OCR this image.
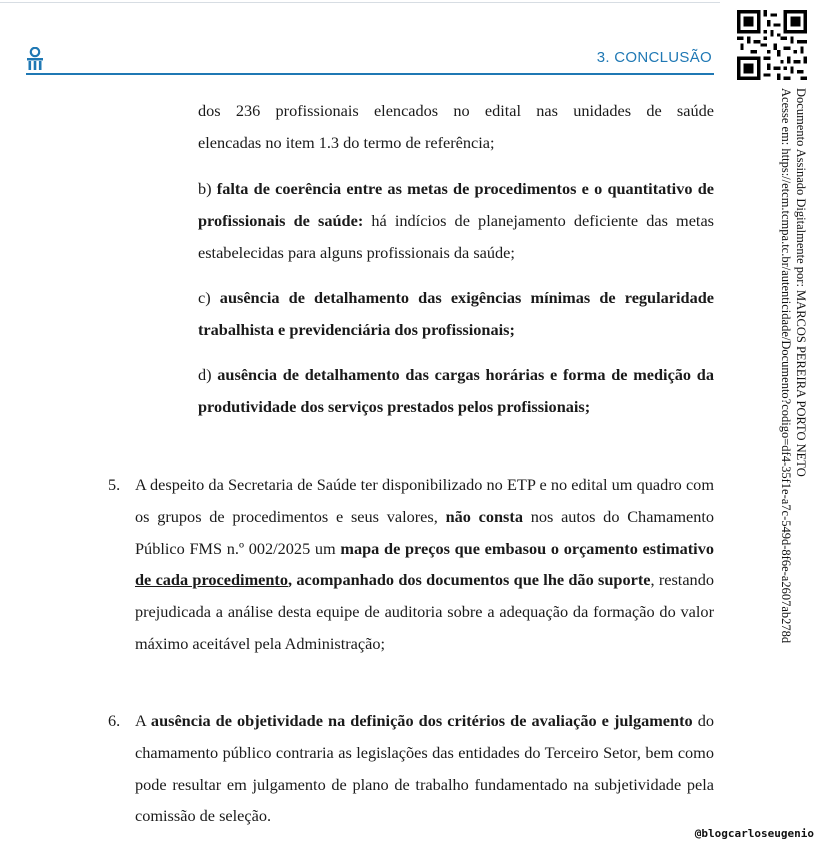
3. CONCLUSÃO
Documento Assinado Digitalmente por: MARCOS PEREIRA PORTO NETO
Acesse em: https://etcm.tcmpa.tc.br/autenticidade/Documento?codigo=df4-35f1e-a7c-549d-8f6e-a2607ab278d
dos 236 profissionais elencados no edital nas unidades de saúde
elencadas no item 1.3 do termo de referência;
b) falta de coerência entre as metas de procedimentos e o quantitativo de profissionais de saúde: há indícios de planejamento deficiente das metas estabelecidas para alguns profissionais da saúde;
c) ausência de detalhamento das exigências mínimas de regularidade trabalhista e previdenciária dos profissionais;
d) ausência de detalhamento das cargas horárias e forma de medição da produtividade dos serviços prestados pelos profissionais;
5. A despeito da Secretaria de Saúde ter disponibilizado no ETP e no edital um quadro com os grupos de procedimentos e seus valores, não consta nos autos do Chamamento Público FMS n.º 002/2025 um mapa de preços que embasou o orçamento estimativo de cada procedimento, acompanhado dos documentos que lhe dão suporte, restando prejudicada a análise desta equipe de auditoria sobre a adequação da formação do valor máximo aceitável pela Administração;
6. A ausência de objetividade na definição dos critérios de avaliação e julgamento do chamamento público contraria as legislações das entidades do Terceiro Setor, bem como pode resultar em julgamento de plano de trabalho fundamentado na subjetividade pela comissão de seleção.
@blogcarloseugenio
